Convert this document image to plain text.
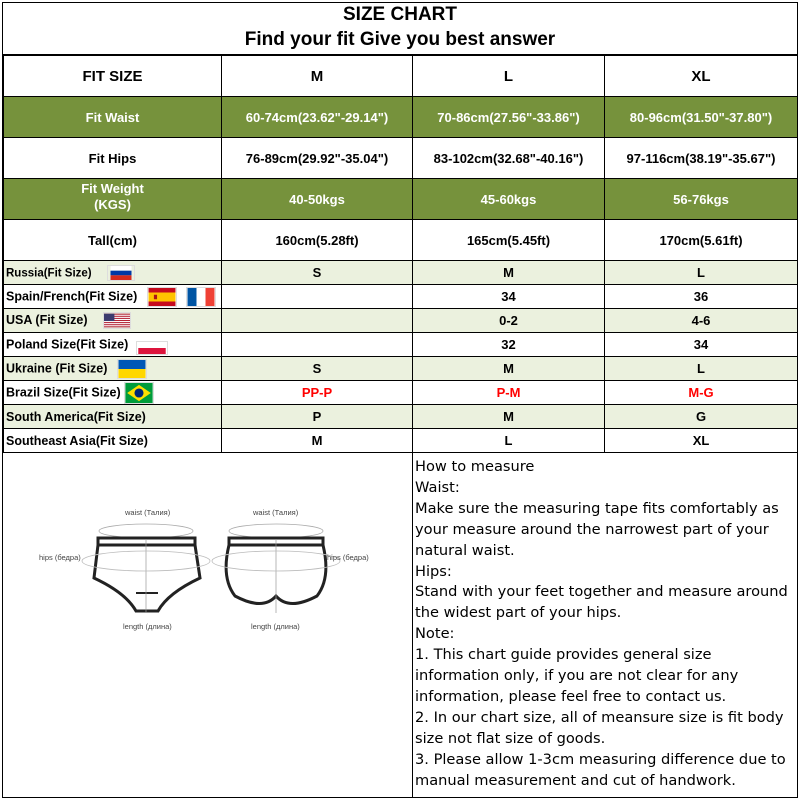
SIZE CHART
Find your fit Give you best answer
FIT SIZE	M	L	XL
Fit Waist	60-74cm(23.62"-29.14")	70-86cm(27.56"-33.86")	80-96cm(31.50"-37.80")
Fit Hips	76-89cm(29.92"-35.04")	83-102cm(32.68"-40.16")	97-116cm(38.19"-35.67")

Fit Weight
(KGS)	40-50kgs	45-60kgs	56-76kgs
Tall(cm)	160cm(5.28ft)	165cm(5.45ft)	170cm(5.61ft)
Russia(Fit Size)	S	M	L
Spain/French(Fit Size)		34	36
USA (Fit Size)		0-2	4-6
Poland Size(Fit Size)		32	34
Ukraine (Fit Size)	S	M	L
Brazil Size(Fit Size)	PP-P	P-M	M-G
South America(Fit Size)	P	M	G
Southeast Asia(Fit Size)	M	L	XL
waist (Талия)	waist (Талия)
hips (бедра)	hips (бедра)
length (длина)	length (длина)

How to measure

Waist:

Make sure the measuring tape fits comfortably as your measure around the narrowest part of your natural waist.

Hips:

Stand with your feet together and measure around the widest part of your hips.

Note:

1. This chart guide provides general size information only, if you are not clear for any information, please feel free to contact us.

2. In our chart size, all of meansure size is fit body size not flat size of goods.

3. Please allow 1-3cm measuring difference due to manual measurement and cut of handwork.
